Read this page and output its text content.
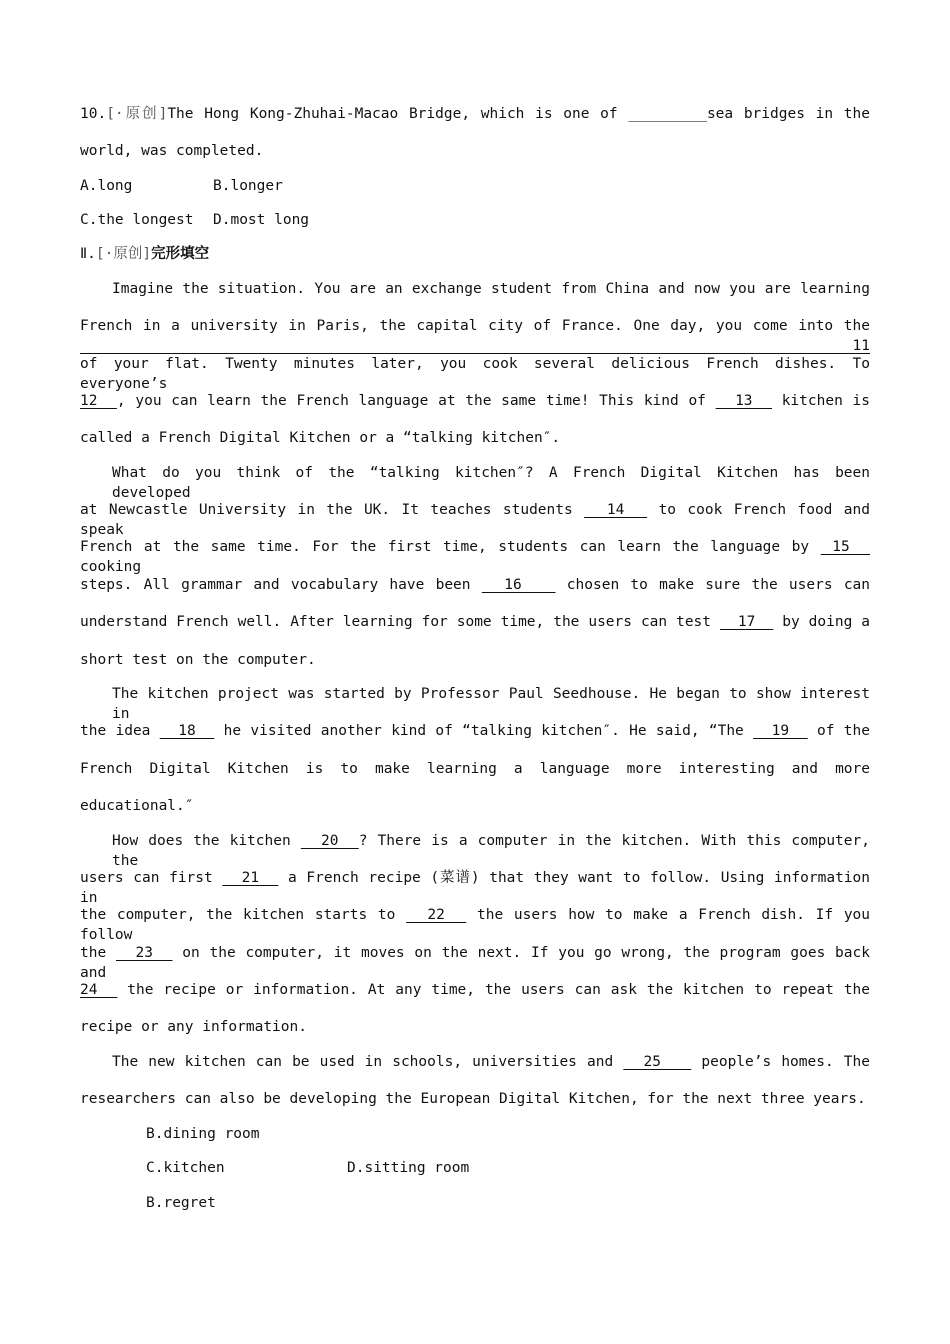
10.[·原创]The Hong Kong-Zhuhai-Macao Bridge, which is one of _________sea bridges in the
world, was completed.
A.long	B.longer
C.the longest D.most long
Ⅱ.[·原创]完形填空
Imagine the situation. You are an exchange student from China and now you are learning
French in a university in Paris, the capital city of France. One day, you come into the  11
of your flat. Twenty minutes later, you cook several delicious French dishes. To everyone’s
12  , you can learn the French language at the same time! This kind of   13   kitchen is
called a French Digital Kitchen or a “talking kitchen″.
What do you think of the “talking kitchen″? A French Digital Kitchen has been developed
at Newcastle University in the UK. It teaches students   14   to cook French food and speak
French at the same time. For the first time, students can learn the language by  15   cooking
steps. All grammar and vocabulary have been   16    chosen to make sure the users can
understand French well. After learning for some time, the users can test   17   by doing a
short test on the computer.
The kitchen project was started by Professor Paul Seedhouse. He began to show interest in
the idea   18   he visited another kind of “talking kitchen″. He said, “The   19   of the
French Digital Kitchen is to make learning a language more interesting and more
educational.″
How does the kitchen   20  ? There is a computer in the kitchen. With this computer, the
users can first   21   a French recipe (菜谱) that they want to follow. Using information in
the computer, the kitchen starts to   22   the users how to make a French dish. If you follow
the   23   on the computer, it moves on the next. If you go wrong, the program goes back and
24   the recipe or information. At any time, the users can ask the kitchen to repeat the
recipe or any information.
The new kitchen can be used in schools, universities and   25    people’s homes. The
researchers can also be developing the European Digital Kitchen, for the next three years.
B.dining room
C.kitchen	D.sitting room
B.regret
